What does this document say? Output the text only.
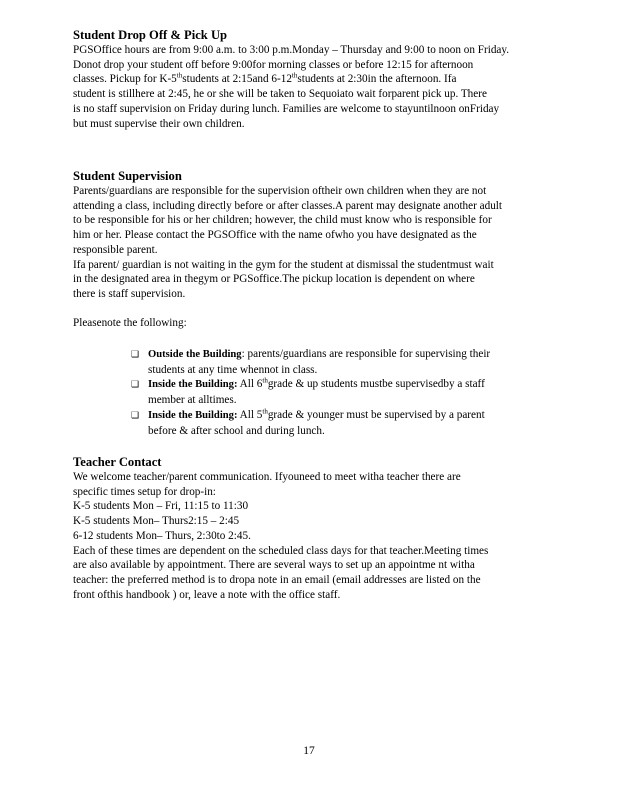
Student Drop Off & Pick Up

PGSOffice hours are from 9:00 a.m. to 3:00 p.m.Monday – Thursday and 9:00 to noon on Friday.

Donot drop your student off before 9:00for morning classes or before 12:15 for afternoon

classes. Pickup for K-5thstudents at 2:15and 6-12thstudents at 2:30in the afternoon. Ifa

student is stillhere at 2:45, he or she will be taken to Sequoiato wait forparent pick up. There

is no staff supervision on Friday during lunch. Families are welcome to stayuntilnoon onFriday

but must supervise their own children.

Student Supervision

Parents/guardians are responsible for the supervision oftheir own children when they are not

attending a class, including directly before or after classes.A parent may designate another adult

to be responsible for his or her children; however, the child must know who is responsible for

him or her. Please contact the PGSOffice with the name ofwho you have designated as the

responsible parent.

Ifa parent/ guardian is not waiting in the gym for the student at dismissal the studentmust wait

in the designated area in thegym or PGSoffice.The pickup location is dependent on where

there is staff supervision.

Pleasenote the following:

❑ Outside the Building: parents/guardians are responsible for supervising their
students at any time whennot in class.
❑ Inside the Building: All 6thgrade & up students mustbe supervisedby a staff
member at alltimes.
❑ Inside the Building: All 5thgrade & younger must be supervised by a parent
before & after school and during lunch.
Teacher Contact

We welcome teacher/parent communication. Ifyouneed to meet witha teacher there are

specific times setup for drop-in:

K-5 students Mon – Fri, 11:15 to 11:30

K-5 students Mon– Thurs2:15 – 2:45

6-12 students Mon– Thurs, 2:30to 2:45.

Each of these times are dependent on the scheduled class days for that teacher.Meeting times

are also available by appointment. There are several ways to set up an appointme nt witha

teacher: the preferred method is to dropa note in an email (email addresses are listed on the

front ofthis handbook ) or, leave a note with the office staff.

17
